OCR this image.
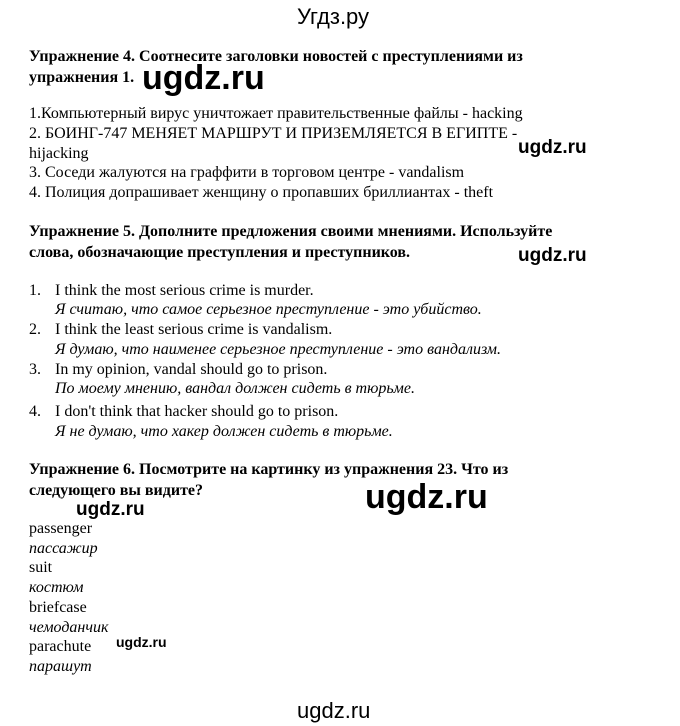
Угдз.ру
Упражнение 4. Соотнесите заголовки новостей с преступлениями из
упражнения 1. ugdz.ru
1.Компьютерный вирус уничтожает правительственные файлы - hacking
2. БОИНГ-747 МЕНЯЕТ МАРШРУТ И ПРИЗЕМЛЯЕТСЯ В ЕГИПТЕ -
hijacking	ugdz.ru
3. Соседи жалуются на граффити в торговом центре - vandalism
4. Полиция допрашивает женщину о пропавших бриллиантах - theft
Упражнение 5. Дополните предложения своими мнениями. Используйте
слова, обозначающие преступления и преступников.	ugdz.ru
1. I think the most serious crime is murder.
Я считаю, что самое серьезное преступление - это убийство.
2. I think the least serious crime is vandalism.
Я думаю, что наименее серьезное преступление - это вандализм.
3. In my opinion, vandal should go to prison.
По моему мнению, вандал должен сидеть в тюрьме.
4. I don't think that hacker should go to prison.
Я не думаю, что хакер должен сидеть в тюрьме.
Упражнение 6. Посмотрите на картинку из упражнения 23. Что из
следующего вы видите?	ugdz.ru
ugdz.ru
passenger
пассажир
suit
костюм
briefcase
чемоданчик
parachute ugdz.ru
парашут
ugdz.ru
